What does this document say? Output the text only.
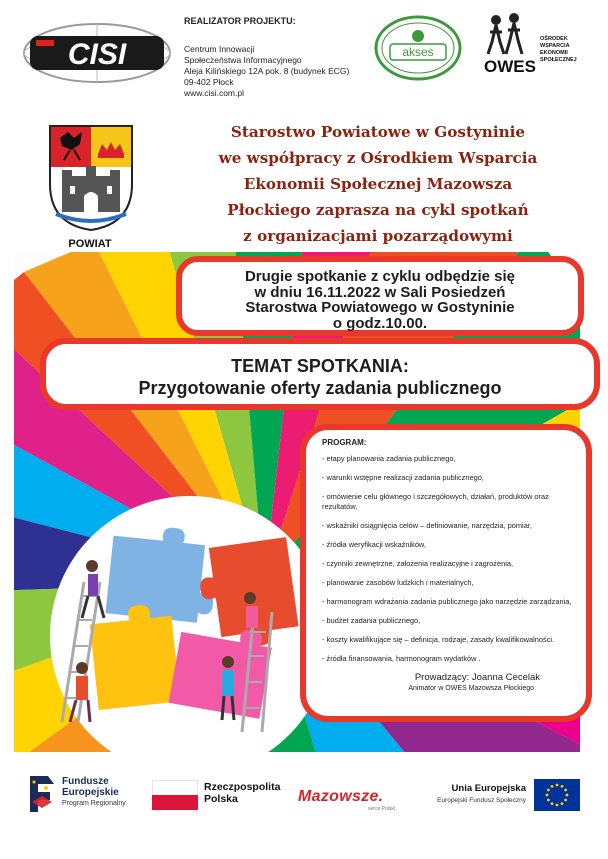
CISI
REALIZATOR PROJEKTU:
Centrum Innowacji
Społeczeństwa Informacyjnego
Aleja Kilińskiego 12A pok. 8 (budynek ECG)
09-402 Płock
www.cisi.com.pl
akses
OWES
OŚRODEK
WSPARCIA
EKONOMII
SPOŁECZNEJ
POWIAT
Starostwo Powiatowe w Gostyninie
we współpracy z Ośrodkiem Wsparcia
Ekonomii Społecznej Mazowsza
Płockiego zaprasza na cykl spotkań
z organizacjami pozarządowymi
Drugie spotkanie z cyklu odbędzie się
w dniu 16.11.2022 w Sali Posiedzeń
Starostwa Powiatowego w Gostyninie
o godz.10.00.
TEMAT SPOTKANIA:
Przygotowanie oferty zadania publicznego
PROGRAM:
- etapy planowania zadania publicznego,
- warunki wstępne realizacji zadania publicznego,
- omówienie celu głównego i szczegółowych, działań, produktów oraz rezultatów,
- wskaźniki osiągnięcia celów – definiowanie, narzędzia, pomiar,
- źródła weryfikacji wskaźników,
- czynniki zewnętrzne, założenia realizacyjne i zagrożenia,
- planowanie zasobów ludzkich i materialnych,
- harmonogram wdrażania zadania publicznego jako narzędzie zarządzania,
- budżet zadania publicznego,
- koszty kwalifikujące się – definicja, rodzaje, zasady kwalifikowalności.
- źródła finansowania, harmonogram wydatków .
Prowadzący: Joanna Cecelak
Animator w OWES Mazowsza Płockiego
Fundusze
Europejskie
Program Regionalny
Rzeczpospolita
Polska	Mazowsze.
serce Polski
Unia Europejska
Europejski Fundusz Społeczny
